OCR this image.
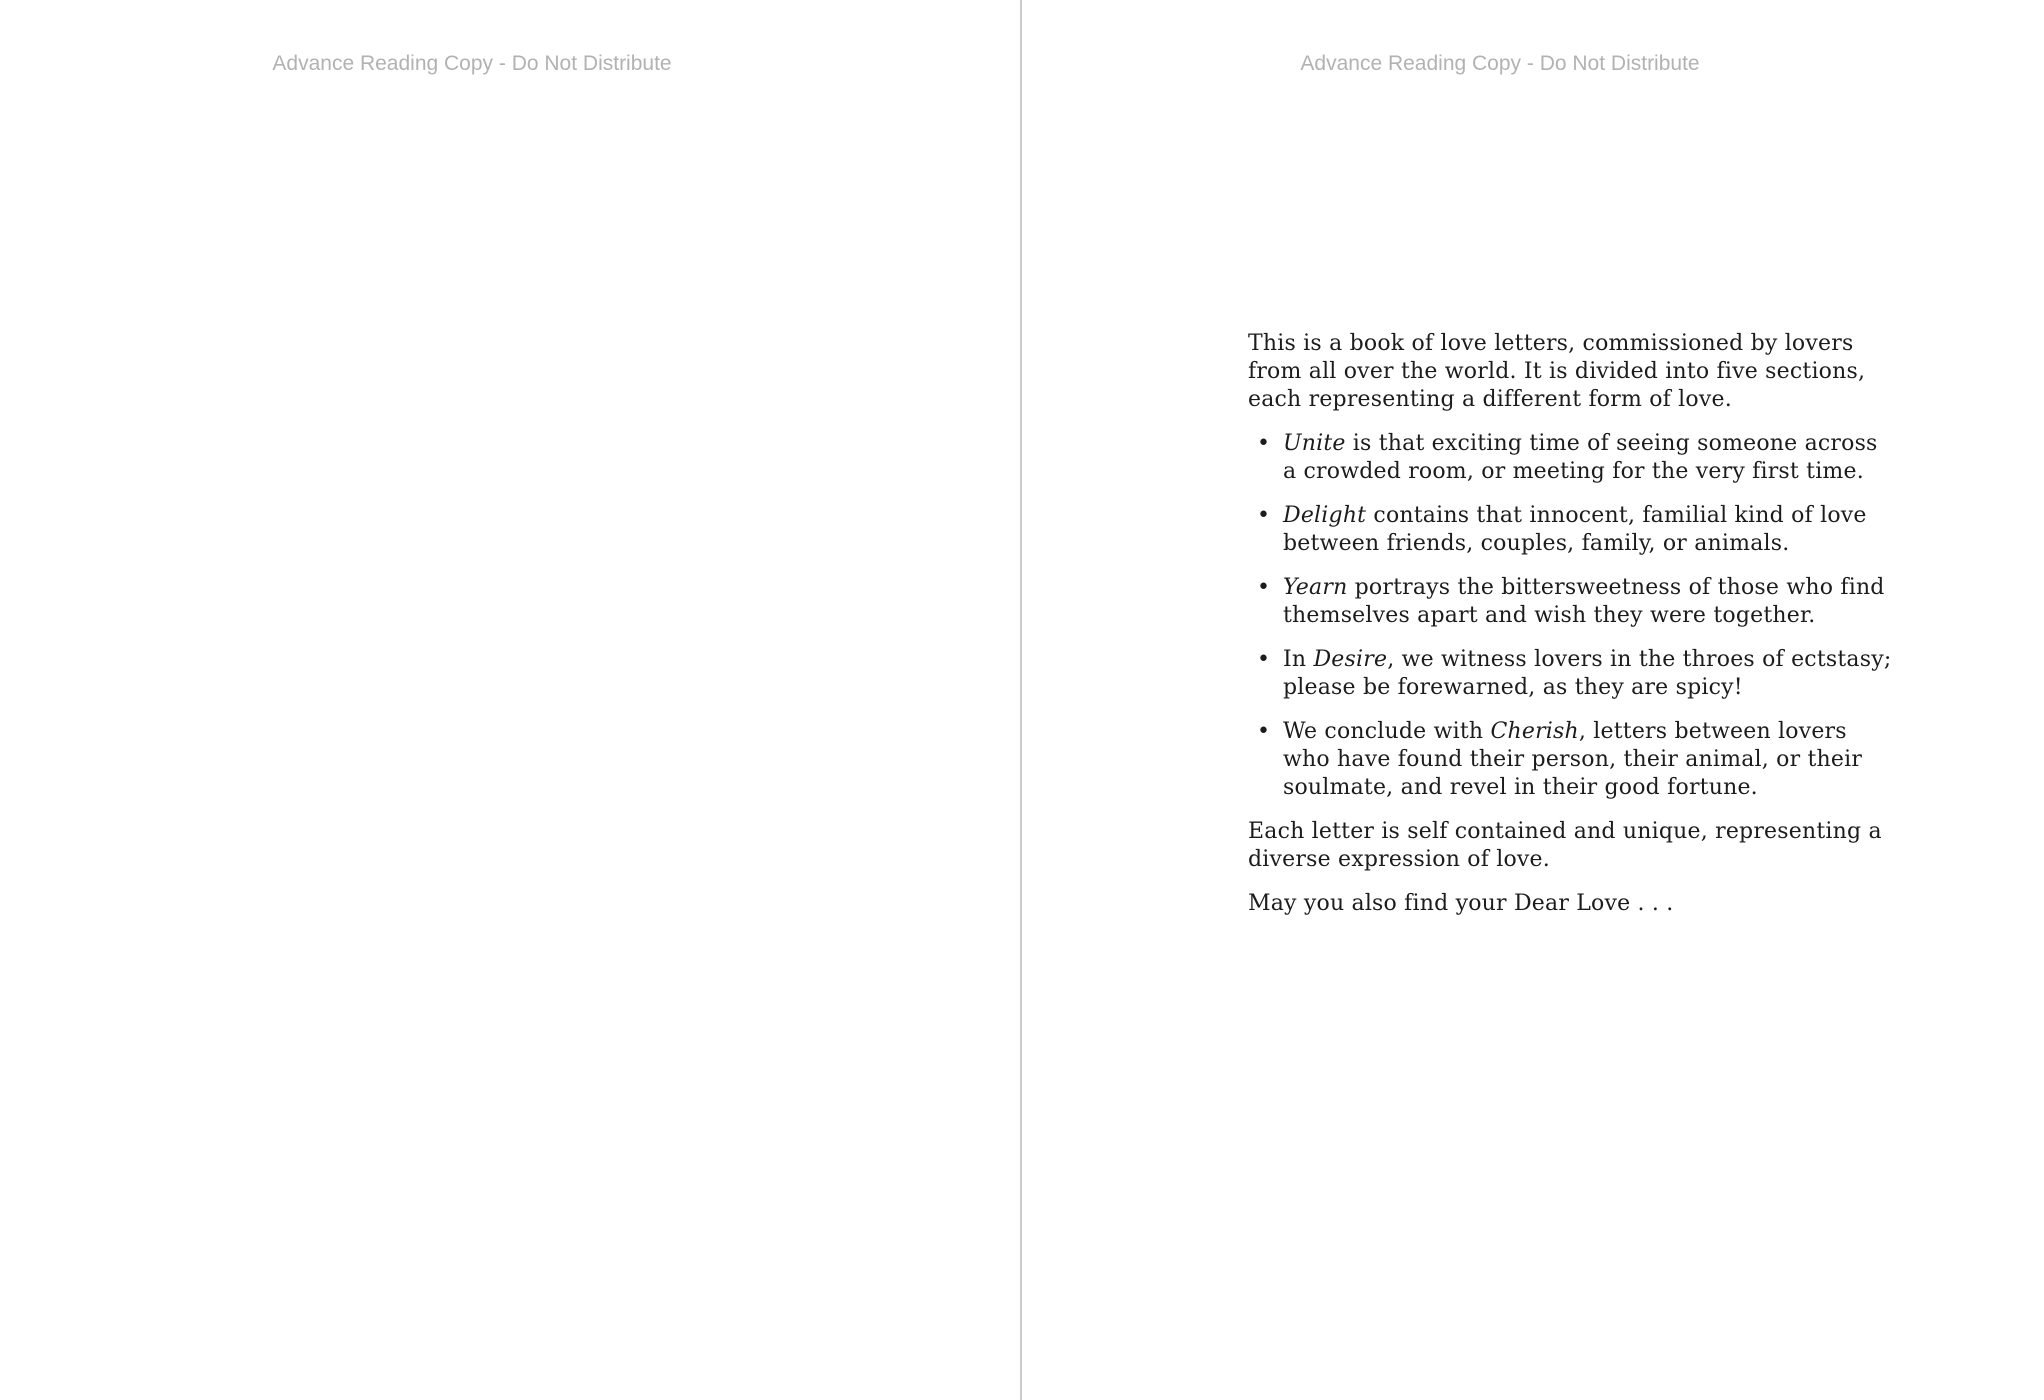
Advance Reading Copy - Do Not Distribute	Advance Reading Copy - Do Not Distribute

This is a book of love letters, commissioned by lovers from all over the world. It is divided into five sections, each representing a different form of love.

• Unite is that exciting time of seeing someone across a crowded room, or meeting for the very first time.
• Delight contains that innocent, familial kind of love between friends, couples, family, or animals.
• Yearn portrays the bittersweetness of those who find themselves apart and wish they were together.
• In Desire, we witness lovers in the throes of ectstasy; please be forewarned, as they are spicy!
• We conclude with Cherish, letters between lovers who have found their person, their animal, or their soulmate, and revel in their good fortune.

Each letter is self contained and unique, representing a diverse expression of love.

May you also find your Dear Love . . .
